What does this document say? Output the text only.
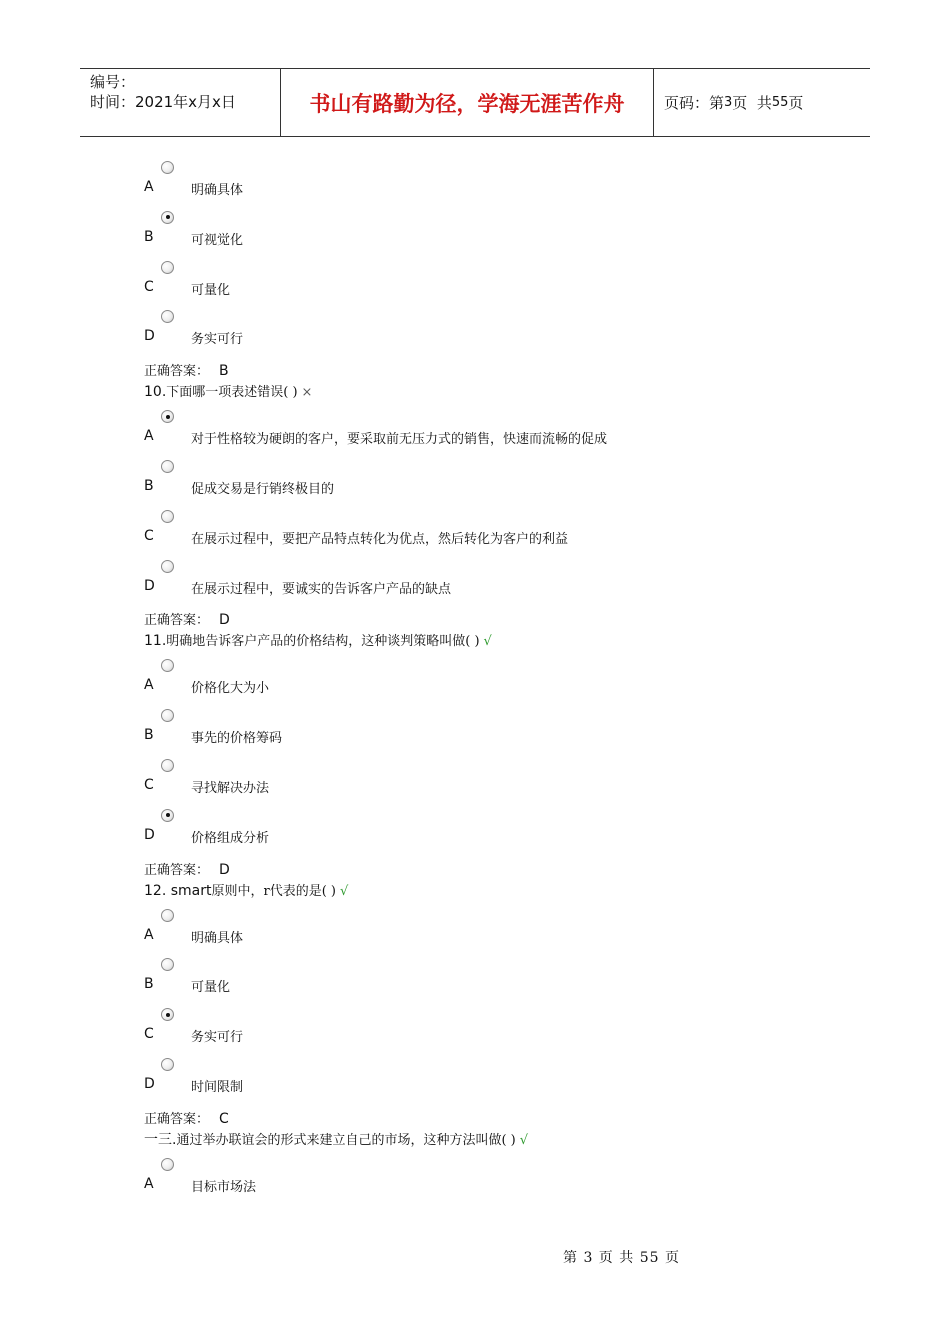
编号：
时间：2021年x月x日	书山有路勤为径，学海无涯苦作舟	页码：第 3 页  共 55 页
A	明确具体
B	可视觉化
C	可量化
D	务实可行
正确答案： B
10.下面哪一项表述错误( ) ×
A	对于性格较为硬朗的客户，要采取前无压力式的销售，快速而流畅的促成
B	促成交易是行销终极目的
C	在展示过程中，要把产品特点转化为优点，然后转化为客户的利益
D	在展示过程中，要诚实的告诉客户产品的缺点
正确答案： D
11.明确地告诉客户产品的价格结构，这种谈判策略叫做( ) √
A	价格化大为小
B	事先的价格筹码
C	寻找解决办法
D	价格组成分析
正确答案： D
12. smart原则中，r代表的是( ) √
A	明确具体
B	可量化
C	务实可行
D	时间限制
正确答案： C
一三.通过举办联谊会的形式来建立自己的市场，这种方法叫做( ) √
A	目标市场法
第 3 页 共 55 页
